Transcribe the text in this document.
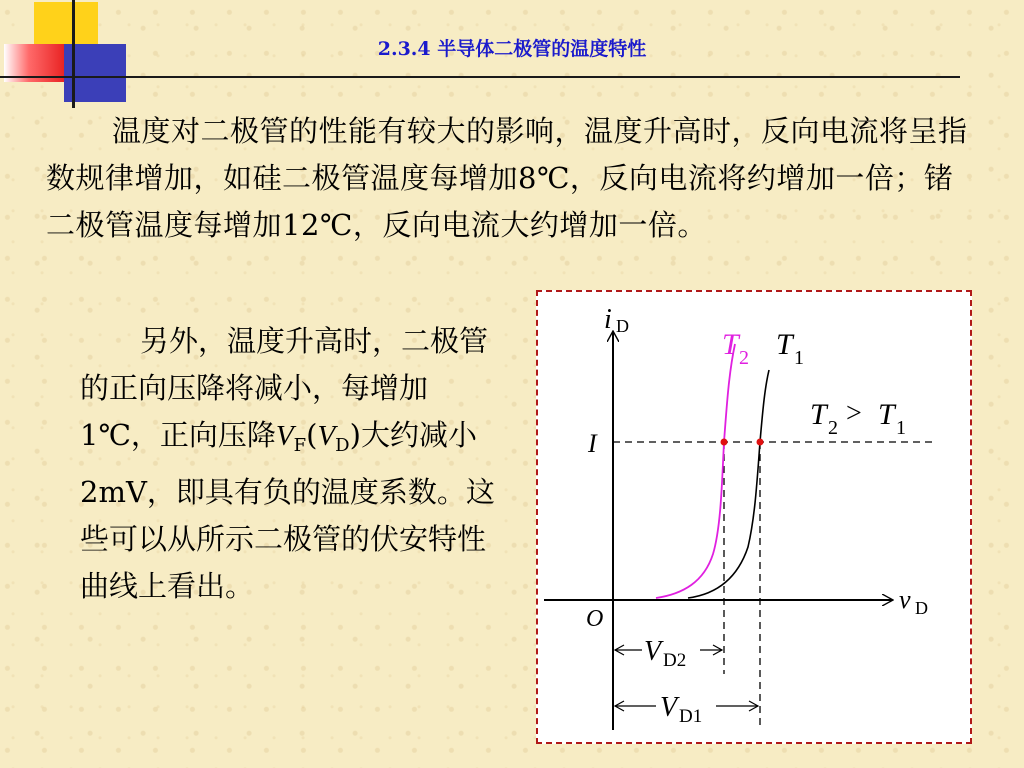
2.3.4 半导体二极管的温度特性
温度对二极管的性能有较大的影响，温度升高时，反向电流将呈指数规律增加，如硅二极管温度每增加8℃，反向电流将约增加一倍；锗二极管温度每增加12℃，反向电流大约增加一倍。
另外，温度升高时，二极管的正向压降将减小，每增加1℃，正向压降$V_F(V_D)$大约减小2mV，即具有负的温度系数。这些可以从所示二极管的伏安特性曲线上看出。
i D
v D
O
I
T 2 T 1
T 2 > T 1
V D2
V D1
